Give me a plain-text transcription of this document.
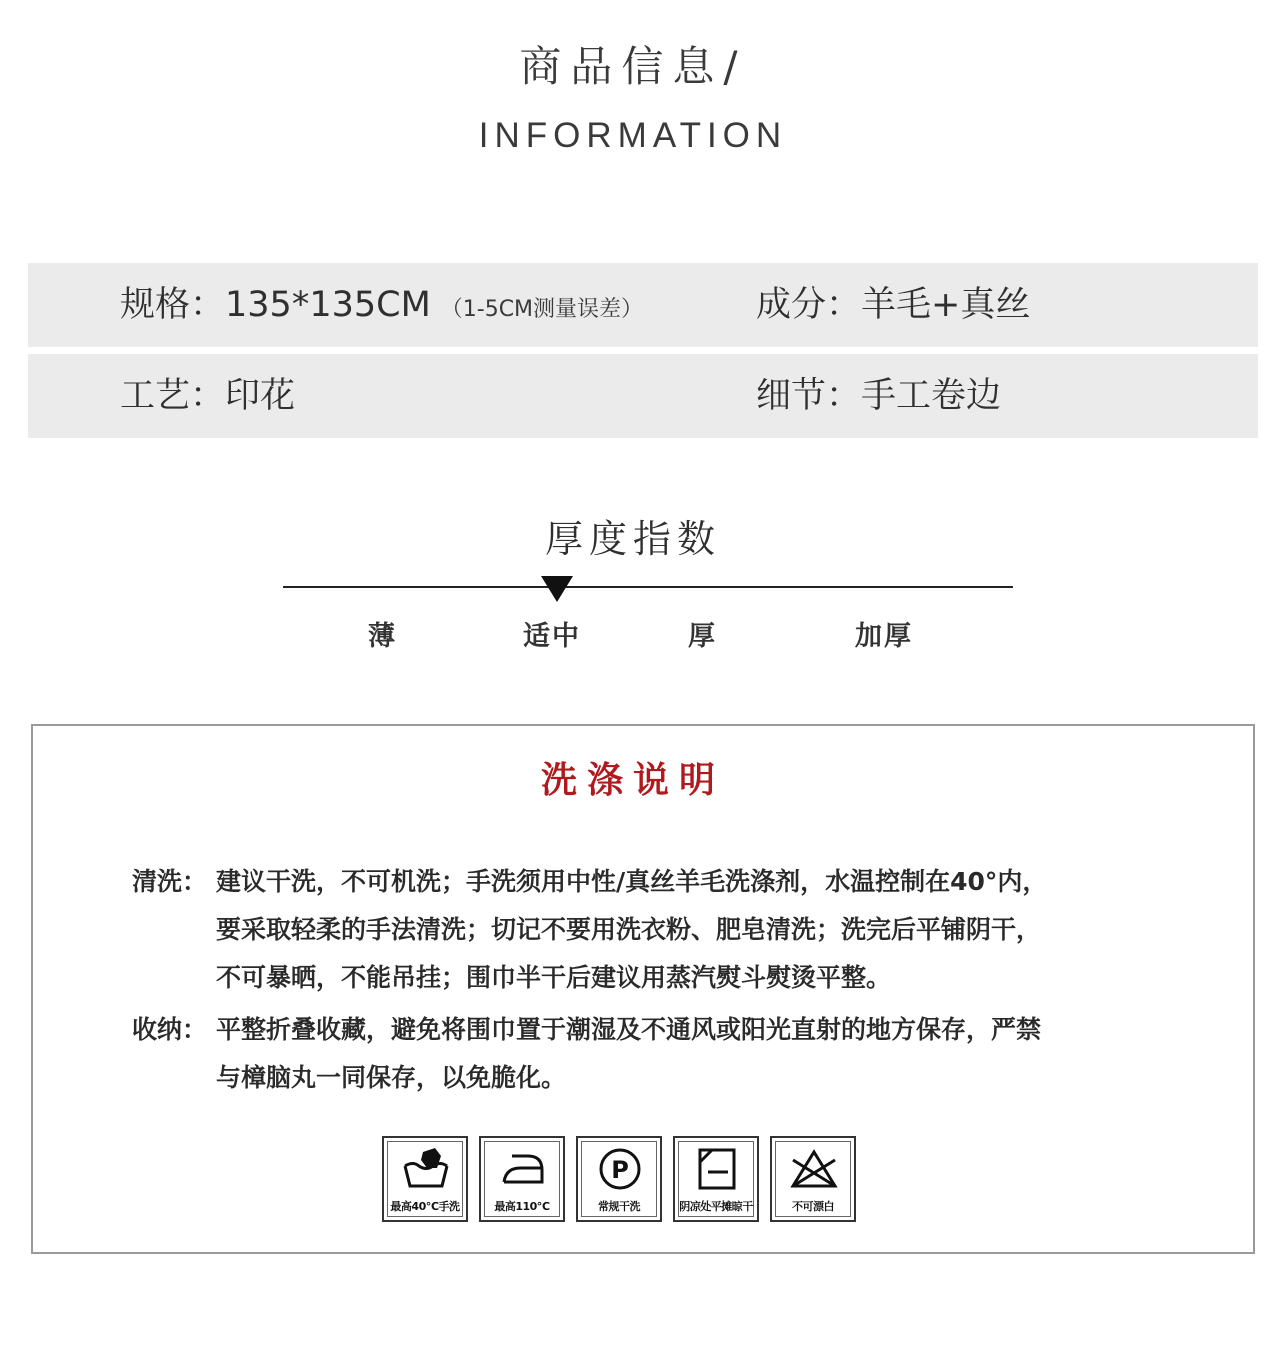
商品信息/
INFORMATION
规格：135*135CM （1-5CM测量误差）	成分：羊毛+真丝
工艺：印花	细节：手工卷边
厚度指数
薄	适中	厚	加厚
洗涤说明
清洗： 建议干洗，不可机洗；手洗须用中性/真丝羊毛洗涤剂，水温控制在40°内，
要采取轻柔的手法清洗；切记不要用洗衣粉、肥皂清洗；洗完后平铺阴干，
不可暴晒，不能吊挂；围巾半干后建议用蒸汽熨斗熨烫平整。
收纳： 平整折叠收藏，避免将围巾置于潮湿及不通风或阳光直射的地方保存，严禁
与樟脑丸一同保存，以免脆化。
最高40℃手洗	最高110℃
P
常规干洗	阴凉处平摊晾干	不可漂白
